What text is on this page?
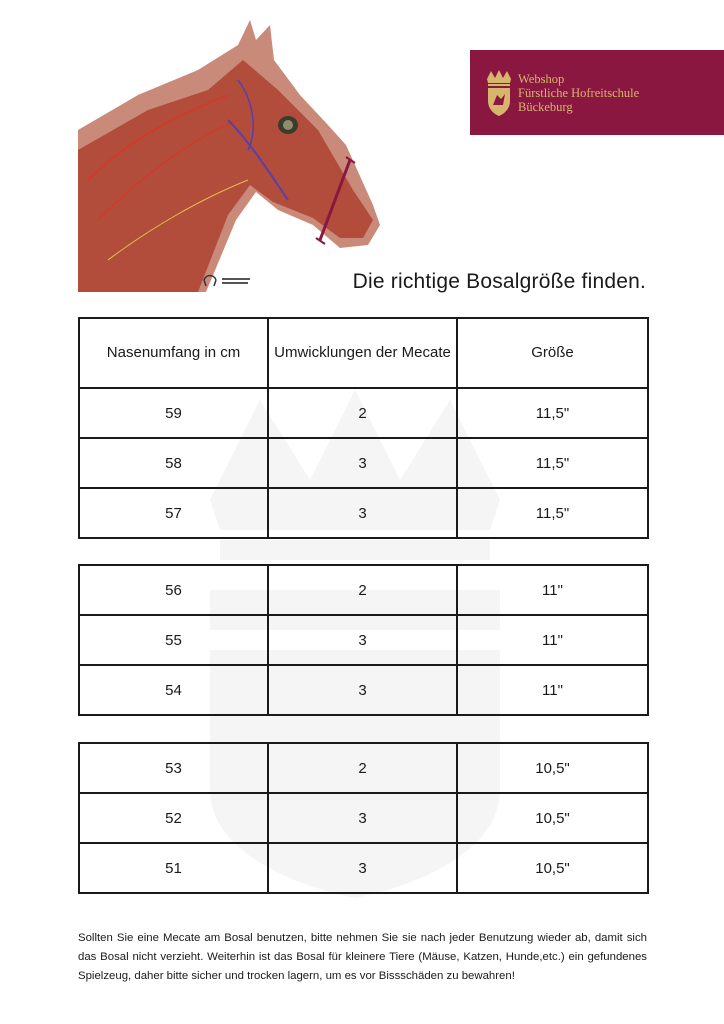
Webshop
Fürstliche Hofreitschule
Bückeburg
Die richtige Bosalgröße finden.
Nasenumfang in cm	Umwicklungen der Mecate	Größe
59	2	11,5"
58	3	11,5"
57	3	11,5"
56	2	11"
55	3	11"
54	3	11"
53	2	10,5"
52	3	10,5"
51	3	10,5"

Sollten Sie eine Mecate am Bosal benutzen, bitte nehmen Sie sie nach jeder Benutzung wieder ab, damit sich das Bosal nicht verzieht. Weiterhin ist das Bosal für kleinere Tiere (Mäuse, Katzen, Hunde,etc.) ein gefundenes Spielzeug, daher bitte sicher und trocken lagern, um es vor Bissschäden zu bewahren!
